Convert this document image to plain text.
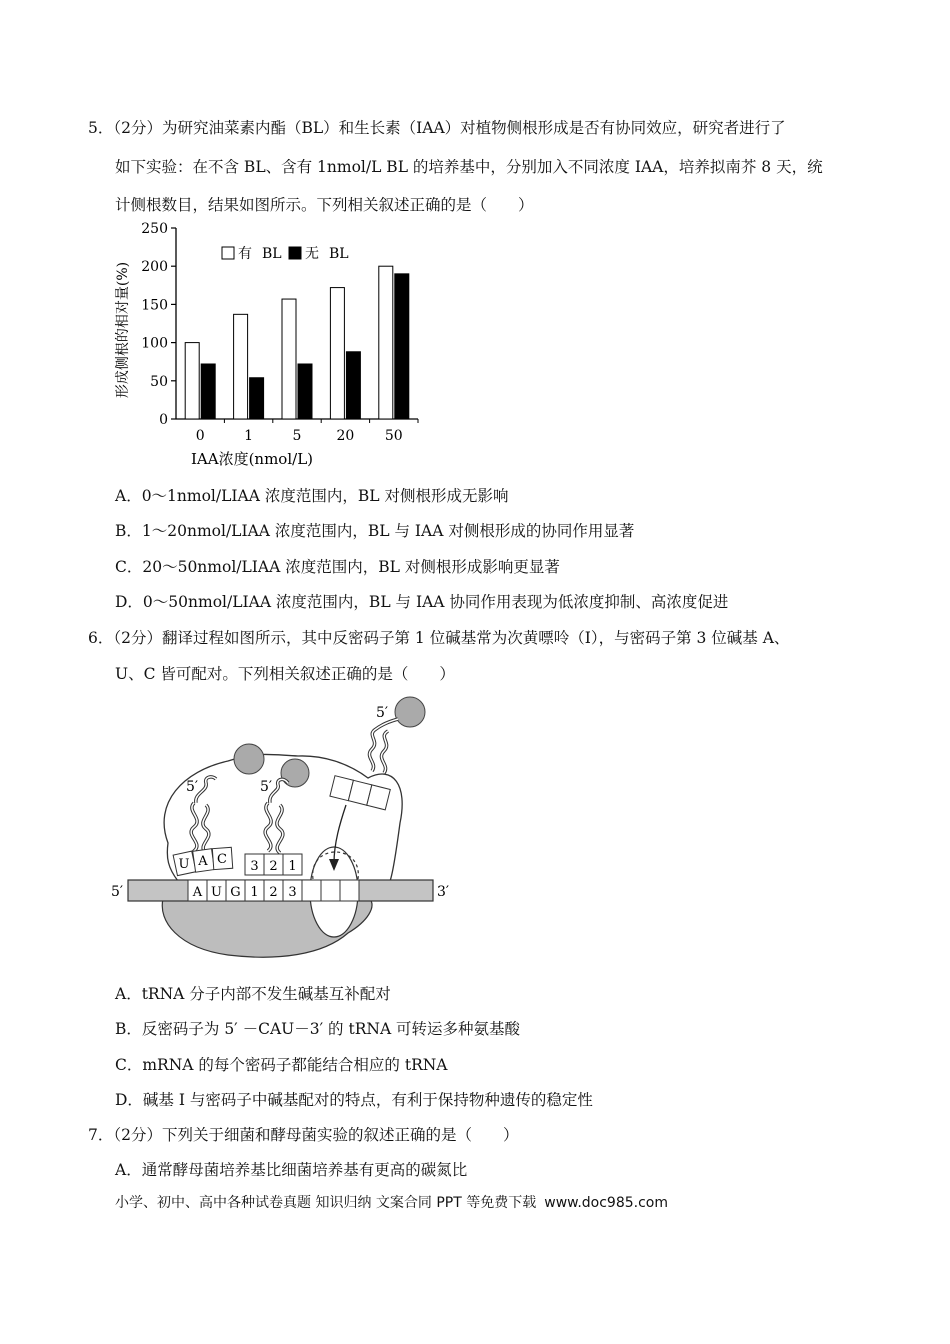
5．（2分）为研究油菜素内酯（BL）和生长素（IAA）对植物侧根形成是否有协同效应，研究者进行了
如下实验：在不含 BL、含有 1nmol/L BL 的培养基中，分别加入不同浓度 IAA，培养拟南芥 8 天，统
计侧根数目，结果如图所示。下列相关叙述正确的是（　　）
0
50
100
150
200
250
0	1	5	20 50
有 BL 无 BL
IAA浓度(nmol/L)
形成侧根的相对量(%)
A．0～1nmol/LIAA 浓度范围内，BL 对侧根形成无影响
B．1～20nmol/LIAA 浓度范围内，BL 与 IAA 对侧根形成的协同作用显著
C．20～50nmol/LIAA 浓度范围内，BL 对侧根形成影响更显著
D．0～50nmol/LIAA 浓度范围内，BL 与 IAA 协同作用表现为低浓度抑制、高浓度促进
6．（2分）翻译过程如图所示，其中反密码子第 1 位碱基常为次黄嘌呤（I），与密码子第 3 位碱基 A、
U、C 皆可配对。下列相关叙述正确的是（　　）
A U G 1 2 3
5′	3′
U A C
5′
3 2 1
5′
5′
A．tRNA 分子内部不发生碱基互补配对
B．反密码子为 5′ －CAU－3′ 的 tRNA 可转运多种氨基酸
C．mRNA 的每个密码子都能结合相应的 tRNA
D．碱基 I 与密码子中碱基配对的特点，有利于保持物种遗传的稳定性
7．（2分）下列关于细菌和酵母菌实验的叙述正确的是（　　）
A．通常酵母菌培养基比细菌培养基有更高的碳氮比
小学、初中、高中各种试卷真题 知识归纳 文案合同 PPT 等免费下载 www.doc985.com
